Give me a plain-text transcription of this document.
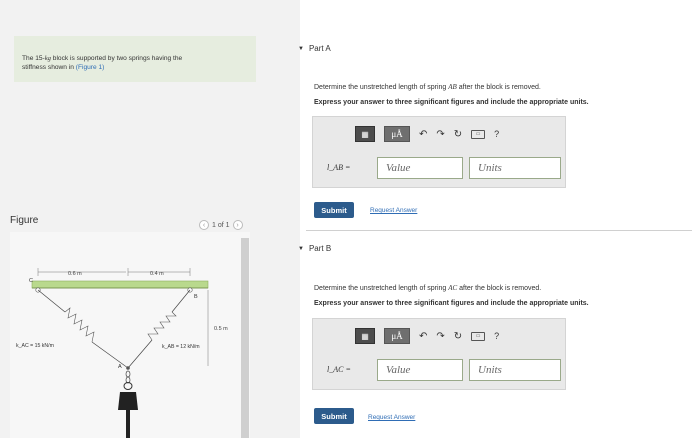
The 15-kg block is supported by two springs having the
stiffness shown in (Figure 1)
Figure	‹ 1 of 1 ›
0.6 m	0.4 m
0.5 m
C
B
A
k_AC = 15 kN/m	k_AB = 12 kN/m
▼ Part A
Determine the unstretched length of spring AB after the block is removed.
Express your answer to three significant figures and include the appropriate units.
▦	μÅ	↶ ↷ ↻	▭	?
l_AB =	Value	Units
Submit	Request Answer
▼ Part B
Determine the unstretched length of spring AC after the block is removed.
Express your answer to three significant figures and include the appropriate units.
▦	μÅ	↶ ↷ ↻	▭	?
l_AC =	Value	Units
Submit	Request Answer
